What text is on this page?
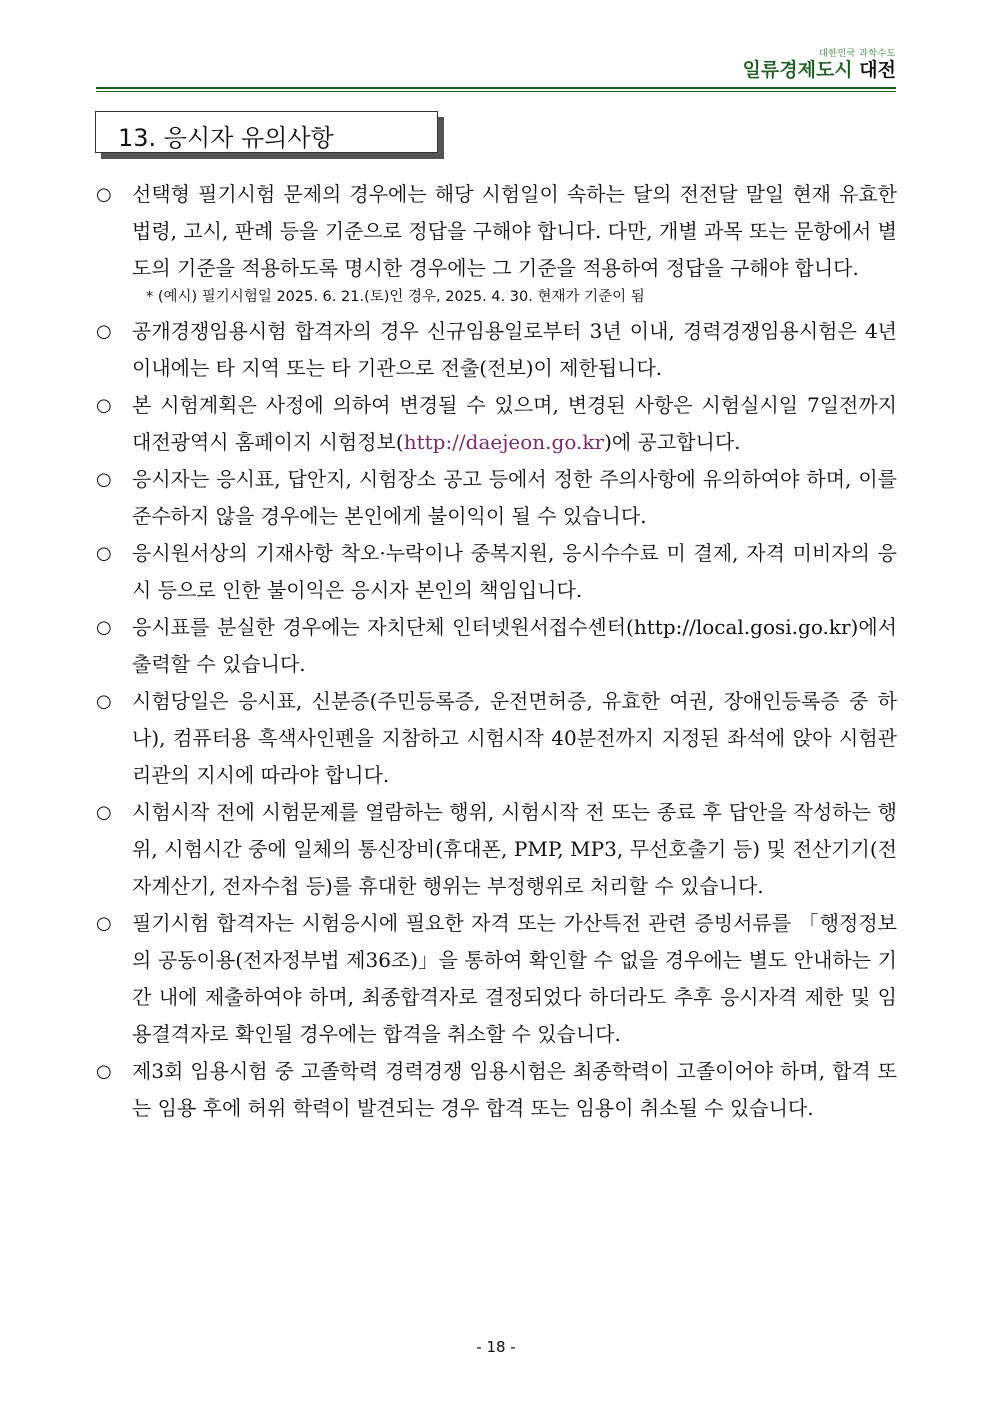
대한민국 과학수도
일류경제도시 대전
13. 응시자 유의사항
○ 선택형 필기시험 문제의 경우에는 해당 시험일이 속하는 달의 전전달 말일 현재 유효한 법령, 고시, 판례 등을 기준으로 정답을 구해야 합니다. 다만, 개별 과목 또는 문항에서 별도의 기준을 적용하도록 명시한 경우에는 그 기준을 적용하여 정답을 구해야 합니다.
* (예시) 필기시험일 2025. 6. 21.(토)인 경우, 2025. 4. 30. 현재가 기준이 됨
○ 공개경쟁임용시험 합격자의 경우 신규임용일로부터 3년 이내, 경력경쟁임용시험은 4년 이내에는 타 지역 또는 타 기관으로 전출(전보)이 제한됩니다.
○ 본 시험계획은 사정에 의하여 변경될 수 있으며, 변경된 사항은 시험실시일 7일전까지 대전광역시 홈페이지 시험정보(http://daejeon.go.kr)에 공고합니다.
○ 응시자는 응시표, 답안지, 시험장소 공고 등에서 정한 주의사항에 유의하여야 하며, 이를 준수하지 않을 경우에는 본인에게 불이익이 될 수 있습니다.
○ 응시원서상의 기재사항 착오·누락이나 중복지원, 응시수수료 미 결제, 자격 미비자의 응시 등으로 인한 불이익은 응시자 본인의 책임입니다.
○ 응시표를 분실한 경우에는 자치단체 인터넷원서접수센터(http://local.gosi.go.kr)에서 출력할 수 있습니다.
○ 시험당일은 응시표, 신분증(주민등록증, 운전면허증, 유효한 여권, 장애인등록증 중 하나), 컴퓨터용 흑색사인펜을 지참하고 시험시작 40분전까지 지정된 좌석에 앉아 시험관리관의 지시에 따라야 합니다.
○ 시험시작 전에 시험문제를 열람하는 행위, 시험시작 전 또는 종료 후 답안을 작성하는 행위, 시험시간 중에 일체의 통신장비(휴대폰, PMP, MP3, 무선호출기 등) 및 전산기기(전자계산기, 전자수첩 등)를 휴대한 행위는 부정행위로 처리할 수 있습니다.
○ 필기시험 합격자는 시험응시에 필요한 자격 또는 가산특전 관련 증빙서류를 「행정정보의 공동이용(전자정부법 제36조)」을 통하여 확인할 수 없을 경우에는 별도 안내하는 기간 내에 제출하여야 하며, 최종합격자로 결정되었다 하더라도 추후 응시자격 제한 및 임용결격자로 확인될 경우에는 합격을 취소할 수 있습니다.
○ 제3회 임용시험 중 고졸학력 경력경쟁 임용시험은 최종학력이 고졸이어야 하며, 합격 또는 임용 후에 허위 학력이 발견되는 경우 합격 또는 임용이 취소될 수 있습니다.
- 18 -
